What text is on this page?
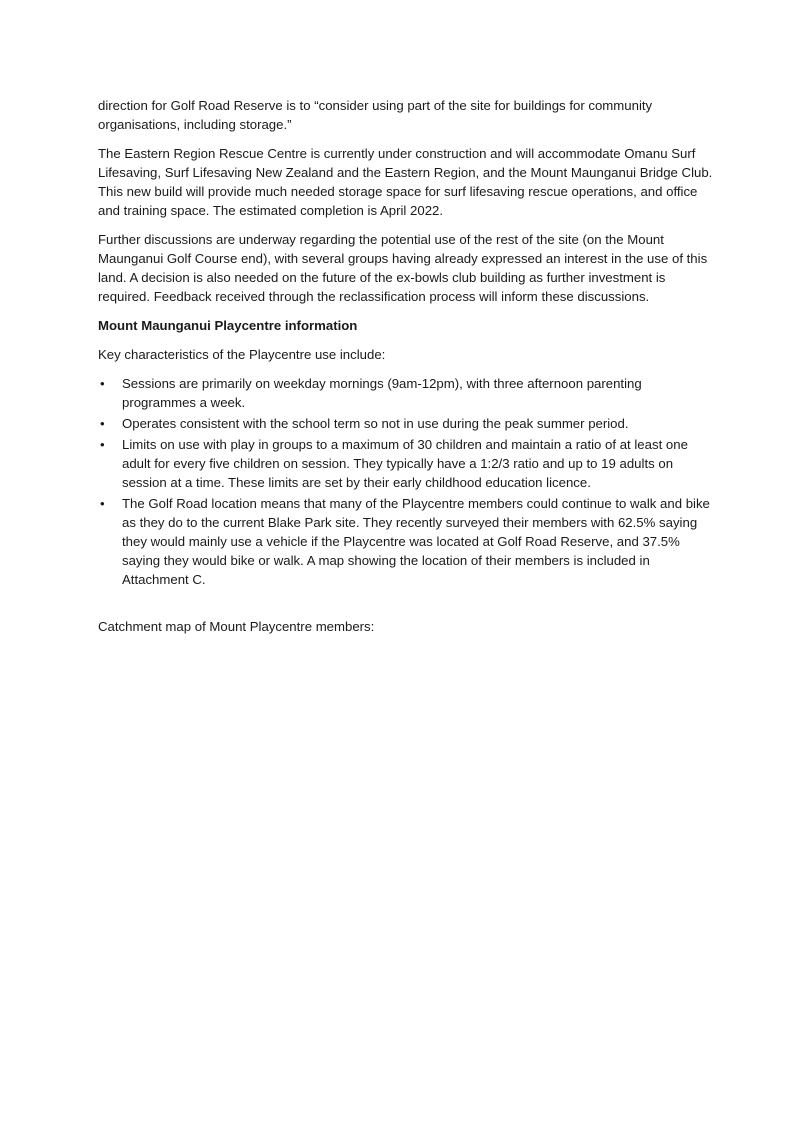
direction for Golf Road Reserve is to “consider using part of the site for buildings for community organisations, including storage.”

The Eastern Region Rescue Centre is currently under construction and will accommodate Omanu Surf Lifesaving, Surf Lifesaving New Zealand and the Eastern Region, and the Mount Maunganui Bridge Club. This new build will provide much needed storage space for surf lifesaving rescue operations, and office and training space. The estimated completion is April 2022.

Further discussions are underway regarding the potential use of the rest of the site (on the Mount Maunganui Golf Course end), with several groups having already expressed an interest in the use of this land. A decision is also needed on the future of the ex-bowls club building as further investment is required. Feedback received through the reclassification process will inform these discussions.

Mount Maunganui Playcentre information

Key characteristics of the Playcentre use include:

•	Sessions are primarily on weekday mornings (9am-12pm), with three afternoon parenting programmes a week.
•	Operates consistent with the school term so not in use during the peak summer period.
•	Limits on use with play in groups to a maximum of 30 children and maintain a ratio of at least one adult for every five children on session. They typically have a 1:2/3 ratio and up to 19 adults on session at a time. These limits are set by their early childhood education licence.
•	The Golf Road location means that many of the Playcentre members could continue to walk and bike as they do to the current Blake Park site. They recently surveyed their members with 62.5% saying they would mainly use a vehicle if the Playcentre was located at Golf Road Reserve, and 37.5% saying they would bike or walk. A map showing the location of their members is included in Attachment C.

Catchment map of Mount Playcentre members:
